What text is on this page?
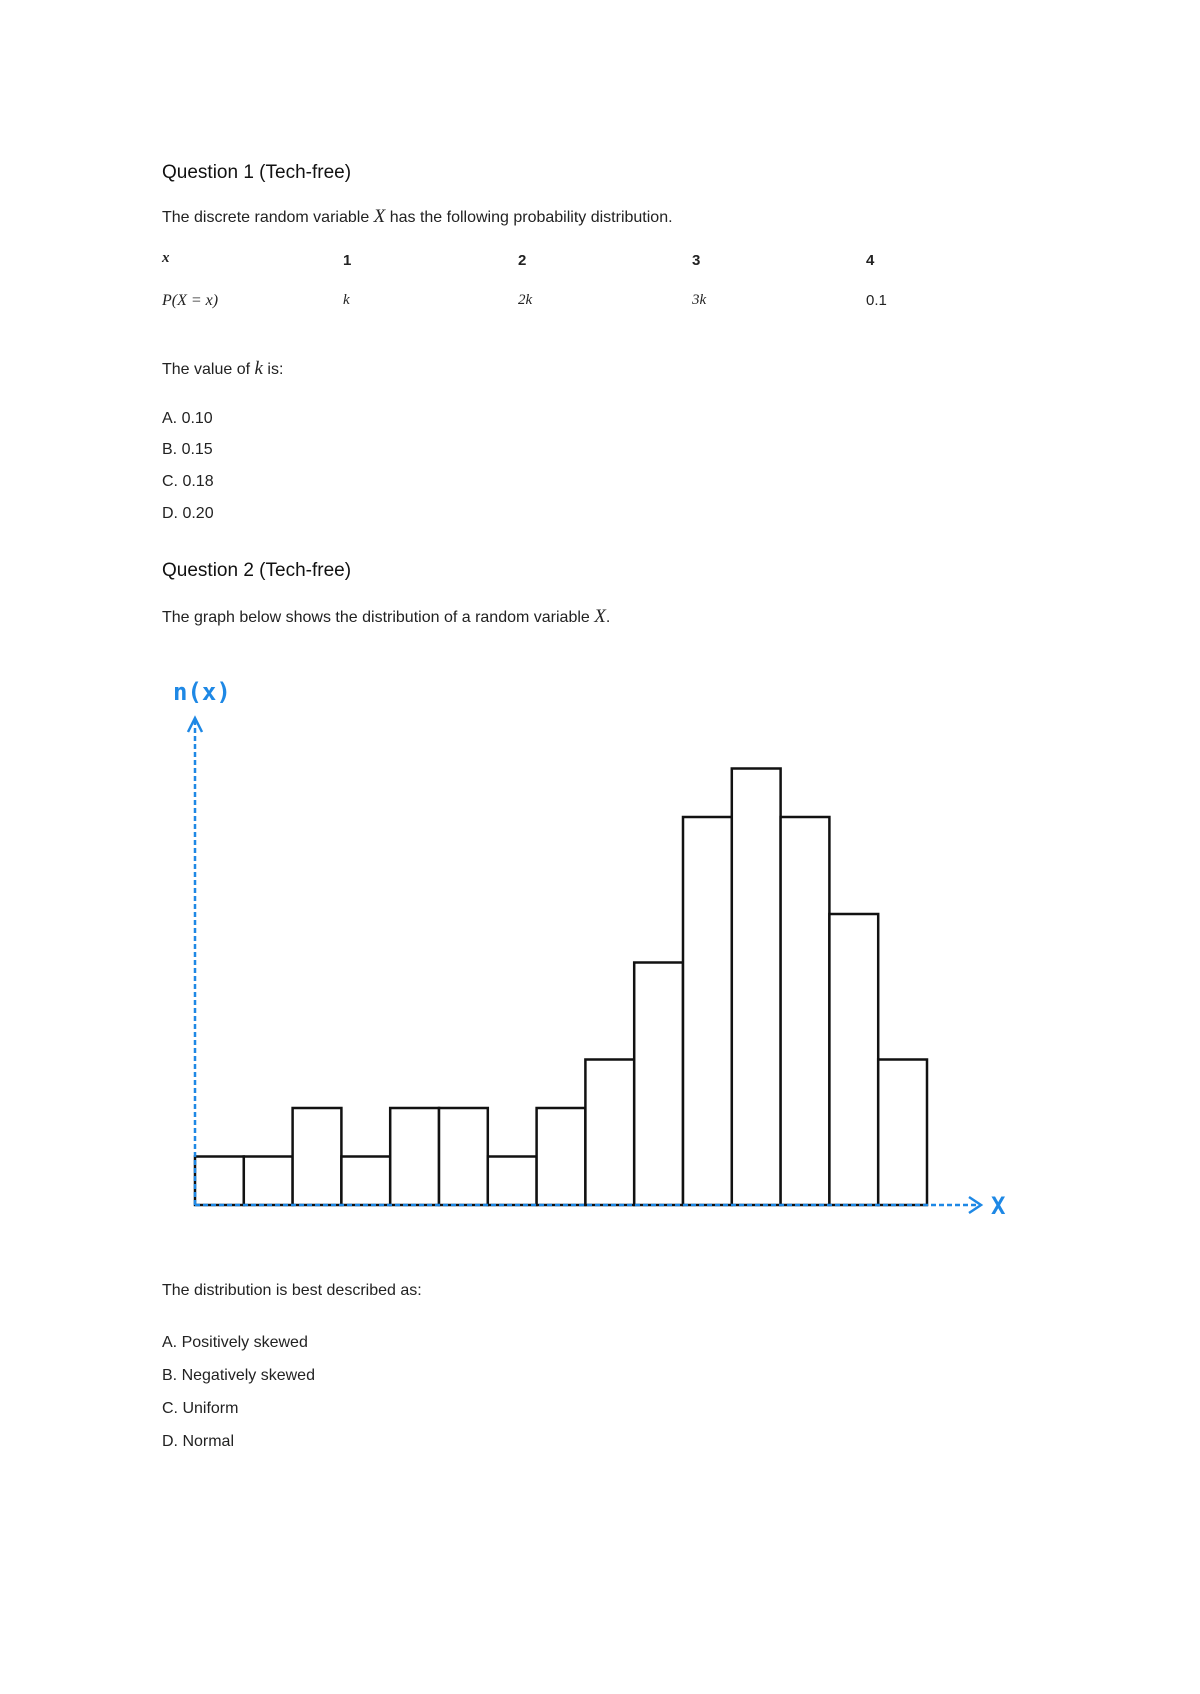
Question 1 (Tech-free)
The discrete random variable X has the following probability distribution.
x	1	2	3	4
P(X = x)	k	2k	3k	0.1
The value of k is:
A. 0.10
B. 0.15
C. 0.18
D. 0.20
Question 2 (Tech-free)
The graph below shows the distribution of a random variable X.
n(x)
X
The distribution is best described as:
A. Positively skewed
B. Negatively skewed
C. Uniform
D. Normal
